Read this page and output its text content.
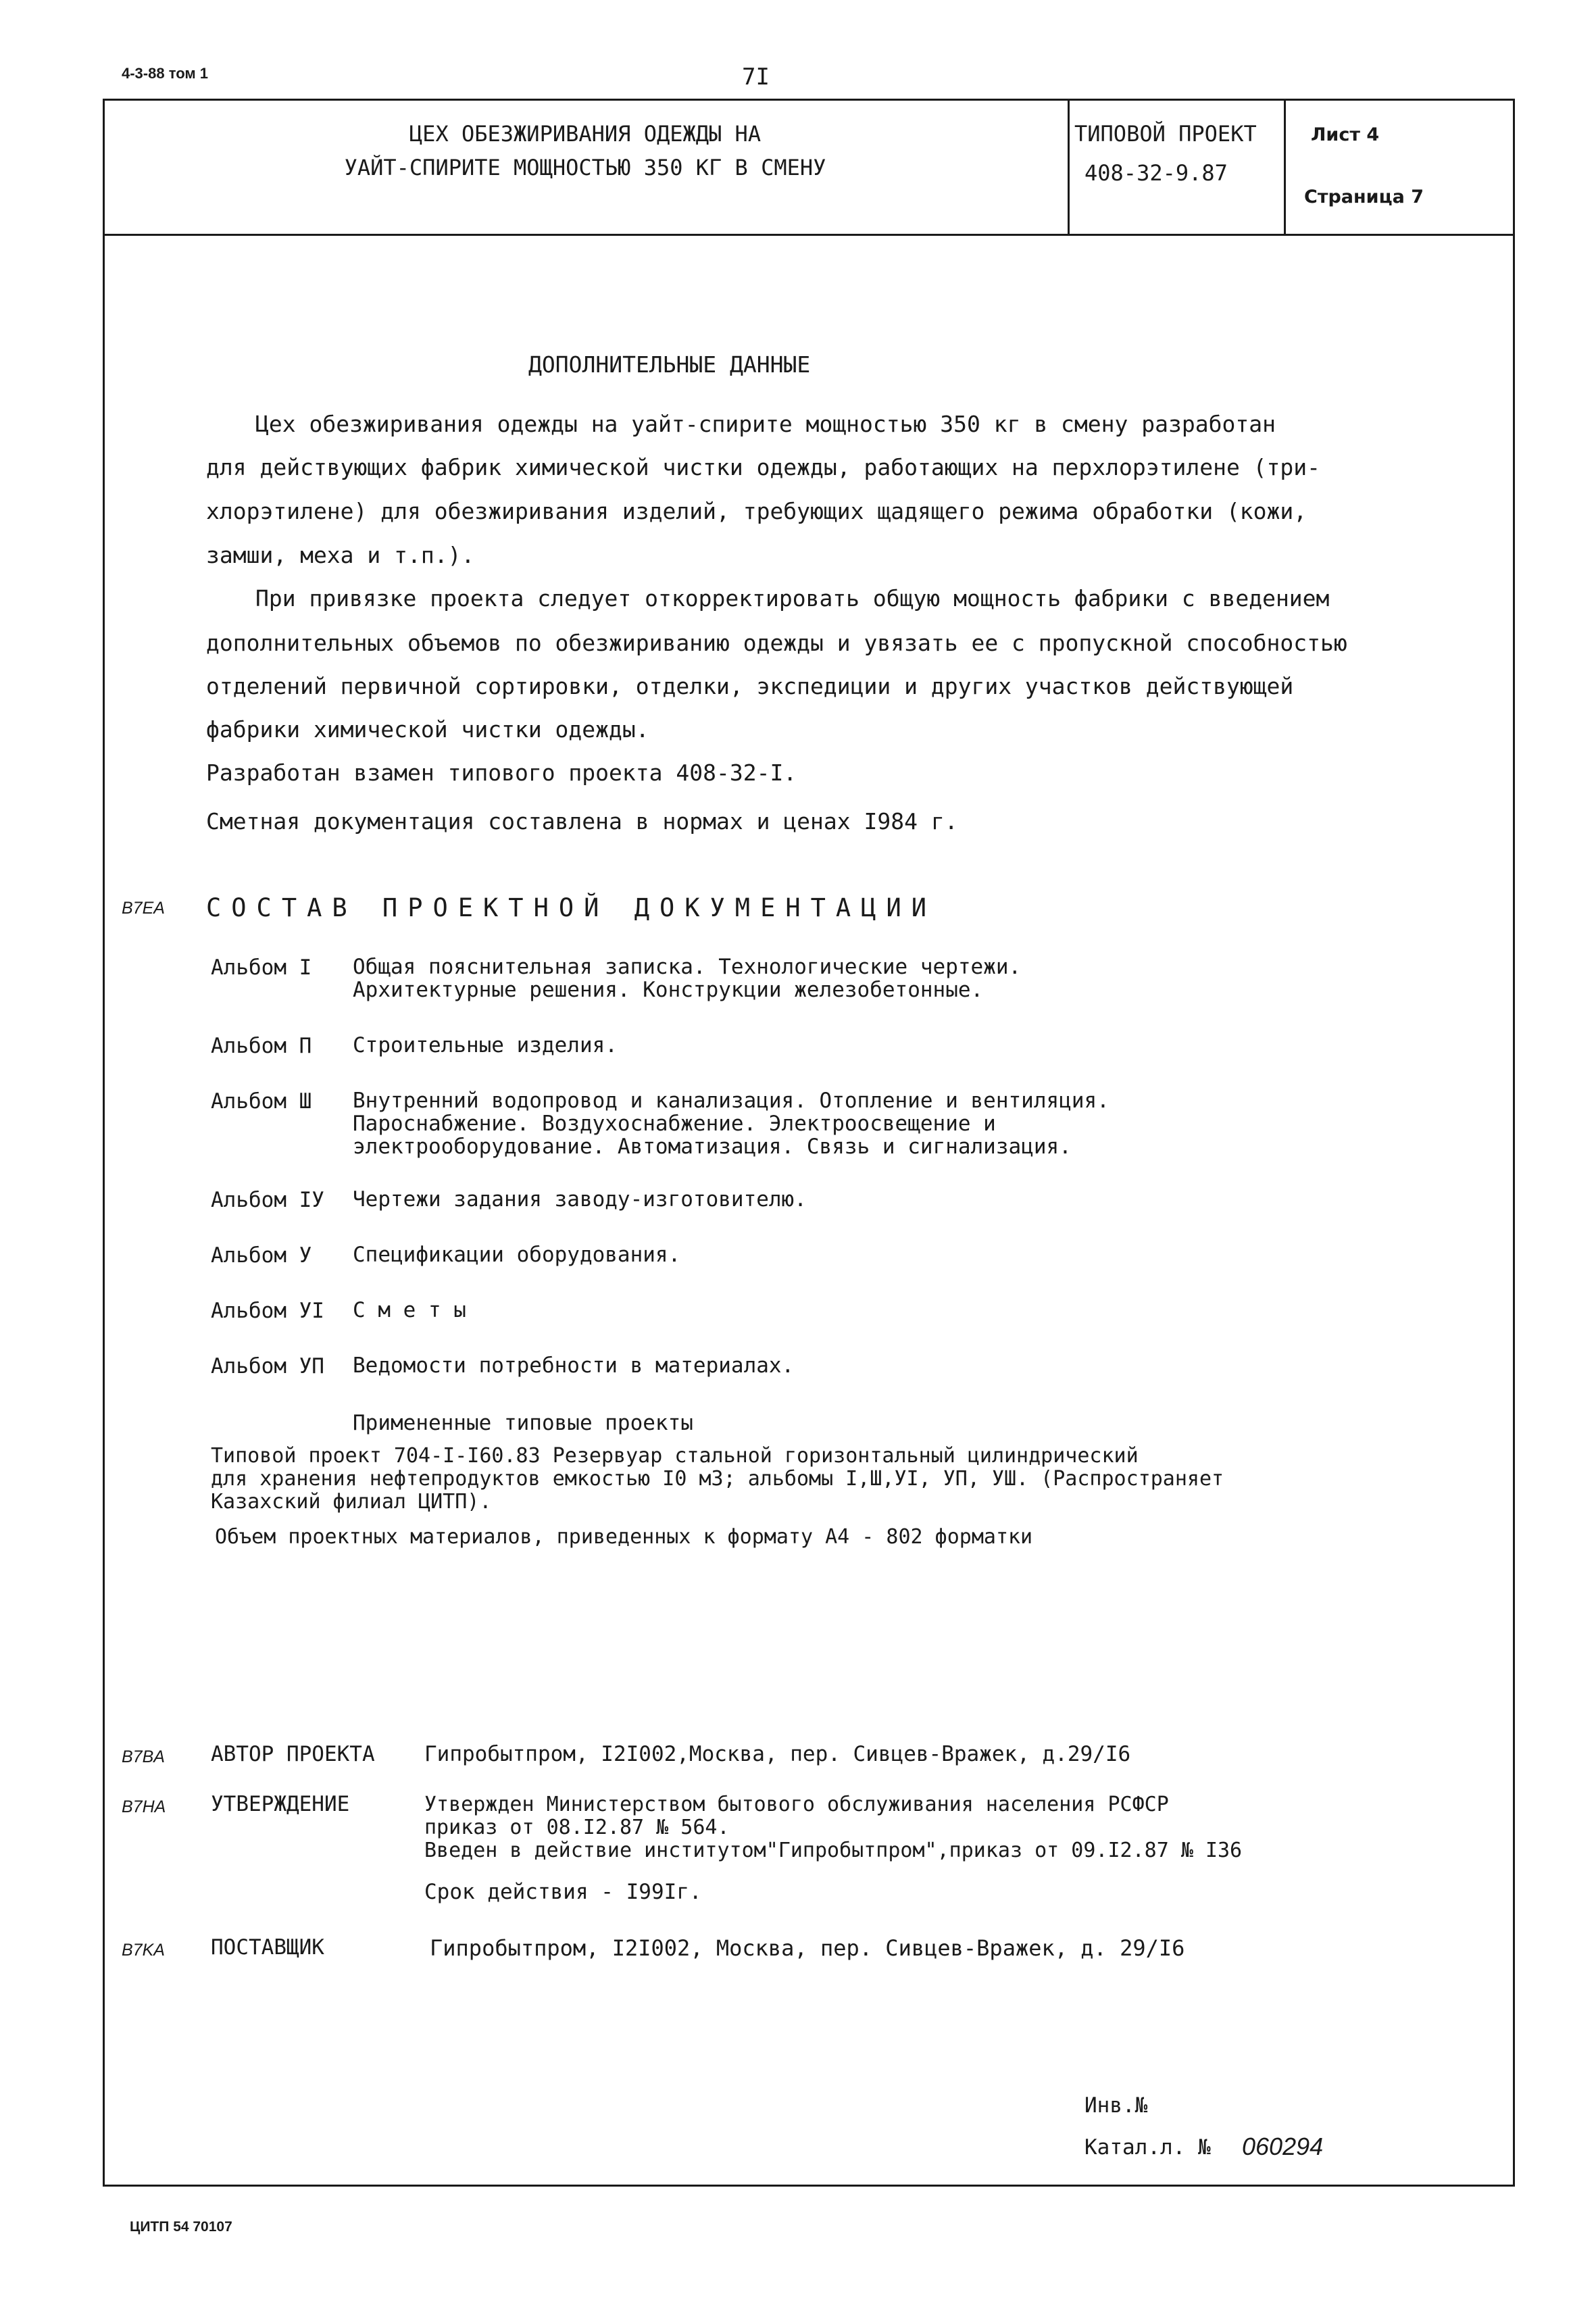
4-3-88 том 1	7I
ЦЕХ ОБЕЗЖИРИВАНИЯ ОДЕЖДЫ НА
УАЙТ-СПИРИТЕ МОЩНОСТЬЮ 350 КГ В СМЕНУ
ТИПОВОЙ ПРОЕКТ
408-32-9.87
Лист 4
Страница 7
ДОПОЛНИТЕЛЬНЫЕ ДАННЫЕ
Цех обезжиривания одежды на уайт-спирите мощностью 350 кг в смену разработан
для действующих фабрик химической чистки одежды, работающих на перхлорэтилене (три-
хлорэтилене) для обезжиривания изделий, требующих щадящего режима обработки (кожи,
замши, меха и т.п.).
При привязке проекта следует откорректировать общую мощность фабрики с введением
дополнительных объемов по обезжириванию одежды и увязать ее с пропускной способностью
отделений первичной сортировки, отделки, экспедиции и других участков действующей
фабрики химической чистки одежды.
Разработан взамен типового проекта 408-32-I.
Сметная документация составлена в нормах и ценах I984 г.
B7EA СОСТАВ ПРОЕКТНОЙ ДОКУМЕНТАЦИИ
Альбом I Общая пояснительная записка. Технологические чертежи.
Архитектурные решения. Конструкции железобетонные.
Альбом П Строительные изделия.
Альбом Ш Внутренний водопровод и канализация. Отопление и вентиляция.
Пароснабжение. Воздухоснабжение. Электроосвещение и
электрооборудование. Автоматизация. Связь и сигнализация.
Альбом IУ Чертежи задания заводу-изготовителю.
Альбом У Спецификации оборудования.
Альбом УI С м е т ы
Альбом УП Ведомости потребности в материалах.
Примененные типовые проекты
Типовой проект 704-I-I60.83 Резервуар стальной горизонтальный цилиндрический
для хранения нефтепродуктов емкостью I0 м3; альбомы I,Ш,УI, УП, УШ. (Распространяет
Казахский филиал ЦИТП).
Объем проектных материалов, приведенных к формату А4 - 802 форматки
B7BA АВТОР ПРОЕКТА Гипробытпром, I2I002,Москва, пер. Сивцев-Вражек, д.29/I6
B7HA УТВЕРЖДЕНИЕ	Утвержден Министерством бытового обслуживания населения РСФСР
приказ от 08.I2.87 № 564.
Введен в действие институтом"Гипробытпром",приказ от 09.I2.87 № I36
Срок действия - I99Iг.
B7KA ПОСТАВЩИК	Гипробытпром, I2I002, Москва, пер. Сивцев-Вражек, д. 29/I6
Инв.№
Катал.л. № 060294
ЦИТП 54 70107
